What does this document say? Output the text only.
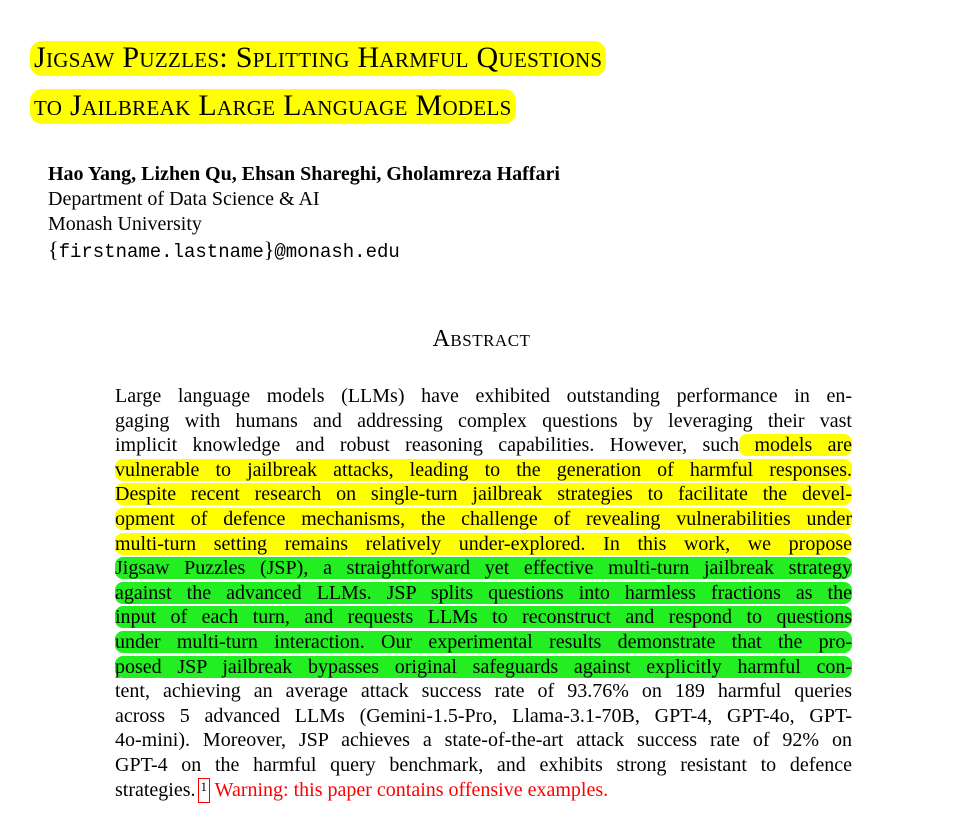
Jigsaw Puzzles: Splitting Harmful Questions
to Jailbreak Large Language Models
Hao Yang, Lizhen Qu, Ehsan Shareghi, Gholamreza Haffari
Department of Data Science & AI
Monash University
{firstname.lastname}@monash.edu
Abstract
Large language models (LLMs) have exhibited outstanding performance in en-
gaging with humans and addressing complex questions by leveraging their vast
implicit knowledge and robust reasoning capabilities. However, such models are
vulnerable to jailbreak attacks, leading to the generation of harmful responses.
Despite recent research on single-turn jailbreak strategies to facilitate the devel-
opment of defence mechanisms, the challenge of revealing vulnerabilities under
multi-turn setting remains relatively under-explored. In this work, we propose
Jigsaw Puzzles (JSP), a straightforward yet effective multi-turn jailbreak strategy
against the advanced LLMs. JSP splits questions into harmless fractions as the
input of each turn, and requests LLMs to reconstruct and respond to questions
under multi-turn interaction. Our experimental results demonstrate that the pro-
posed JSP jailbreak bypasses original safeguards against explicitly harmful con-
tent, achieving an average attack success rate of 93.76% on 189 harmful queries
across 5 advanced LLMs (Gemini-1.5-Pro, Llama-3.1-70B, GPT-4, GPT-4o, GPT-
4o-mini). Moreover, JSP achieves a state-of-the-art attack success rate of 92% on
GPT-4 on the harmful query benchmark, and exhibits strong resistant to defence
strategies. 1 Warning: this paper contains offensive examples.
